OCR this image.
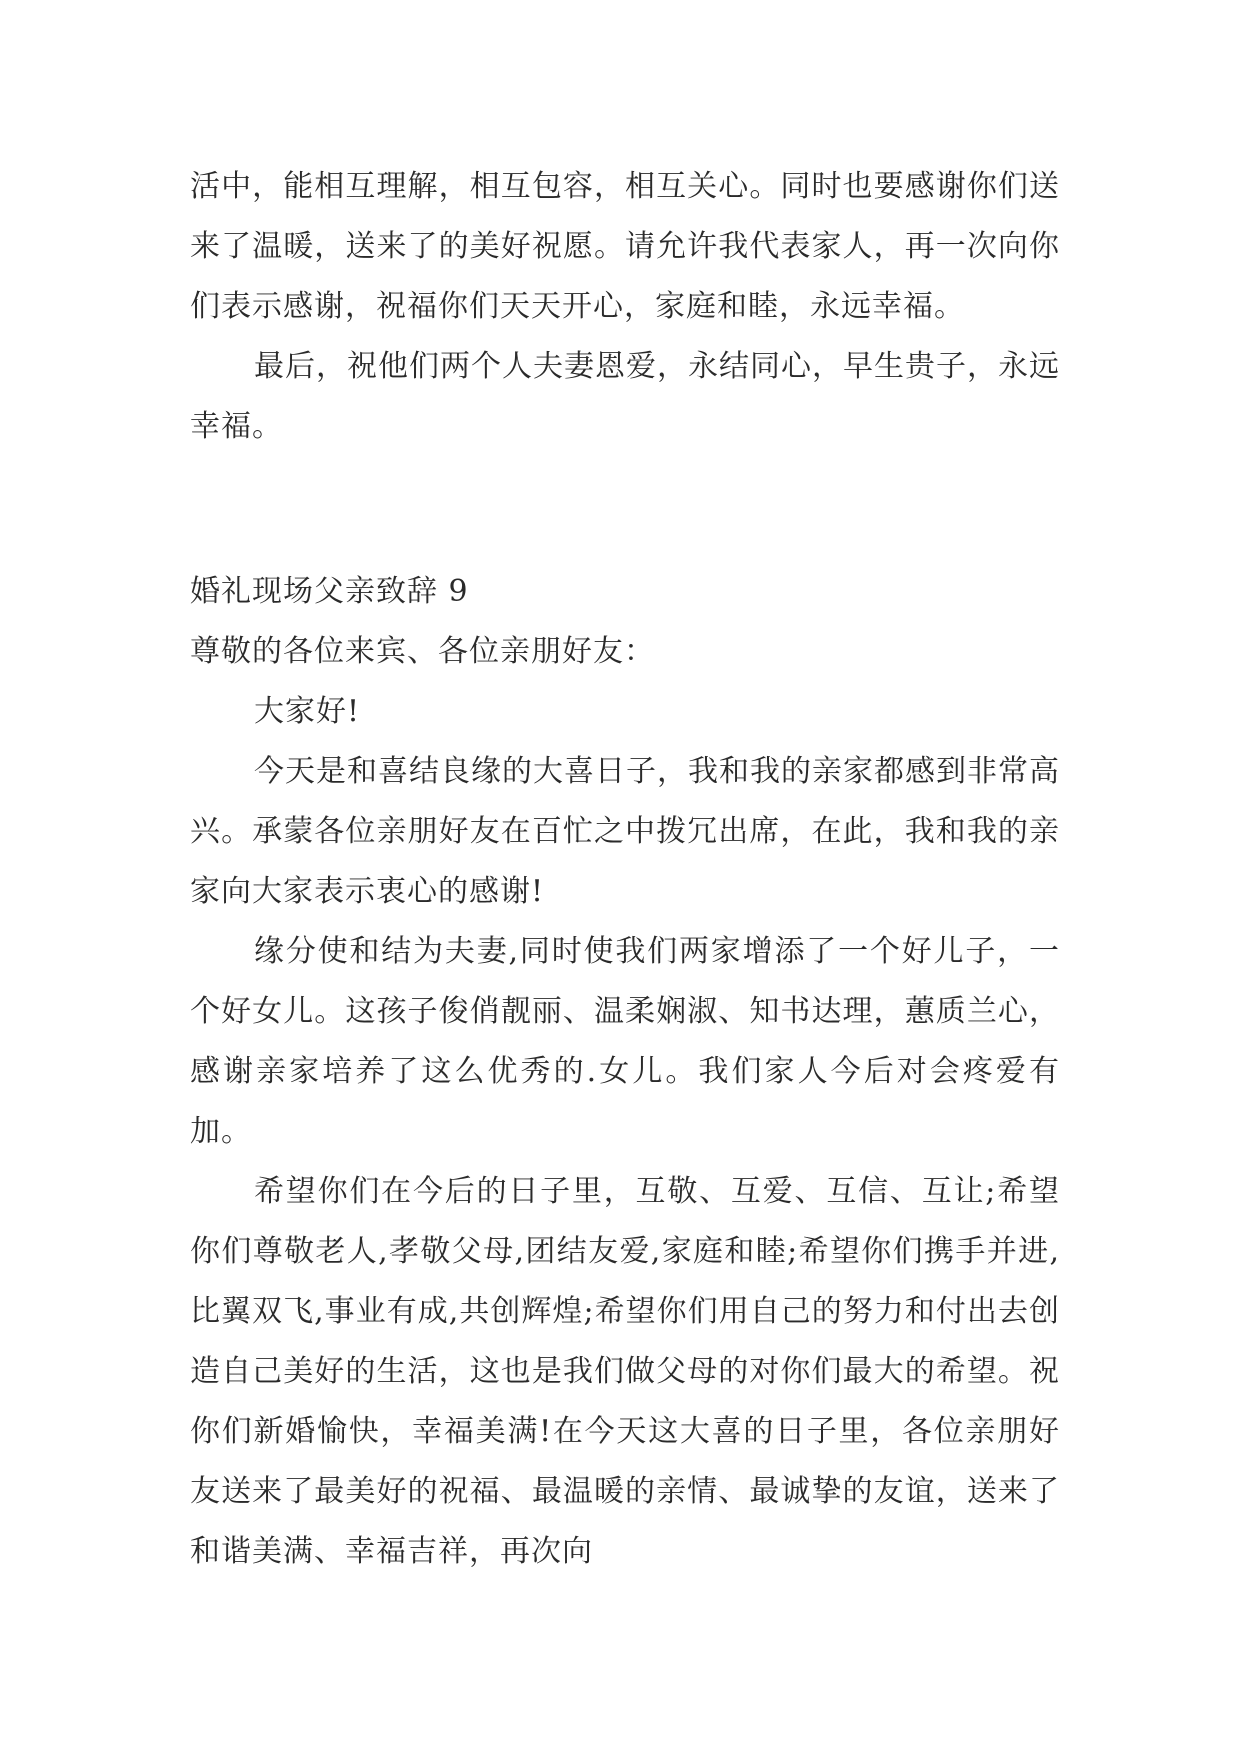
活中，能相互理解，相互包容，相互关心。同时也要感谢你们送来了温暖，送来了的美好祝愿。请允许我代表家人，再一次向你们表示感谢，祝福你们天天开心，家庭和睦，永远幸福。

最后，祝他们两个人夫妻恩爱，永结同心，早生贵子，永远幸福。

婚礼现场父亲致辞 9

尊敬的各位来宾、各位亲朋好友：

大家好!

今天是和喜结良缘的大喜日子，我和我的亲家都感到非常高兴。承蒙各位亲朋好友在百忙之中拨冗出席，在此，我和我的亲家向大家表示衷心的感谢!

缘分使和结为夫妻,同时使我们两家增添了一个好儿子，一个好女儿。这孩子俊俏靓丽、温柔娴淑、知书达理，蕙质兰心，感谢亲家培养了这么优秀的.女儿。我们家人今后对会疼爱有加。

希望你们在今后的日子里，互敬、互爱、互信、互让;希望你们尊敬老人,孝敬父母,团结友爱,家庭和睦;希望你们携手并进,比翼双飞,事业有成,共创辉煌;希望你们用自己的努力和付出去创造自己美好的生活，这也是我们做父母的对你们最大的希望。祝你们新婚愉快，幸福美满!在今天这大喜的日子里，各位亲朋好友送来了最美好的祝福、最温暖的亲情、最诚挚的友谊，送来了和谐美满、幸福吉祥，再次向
